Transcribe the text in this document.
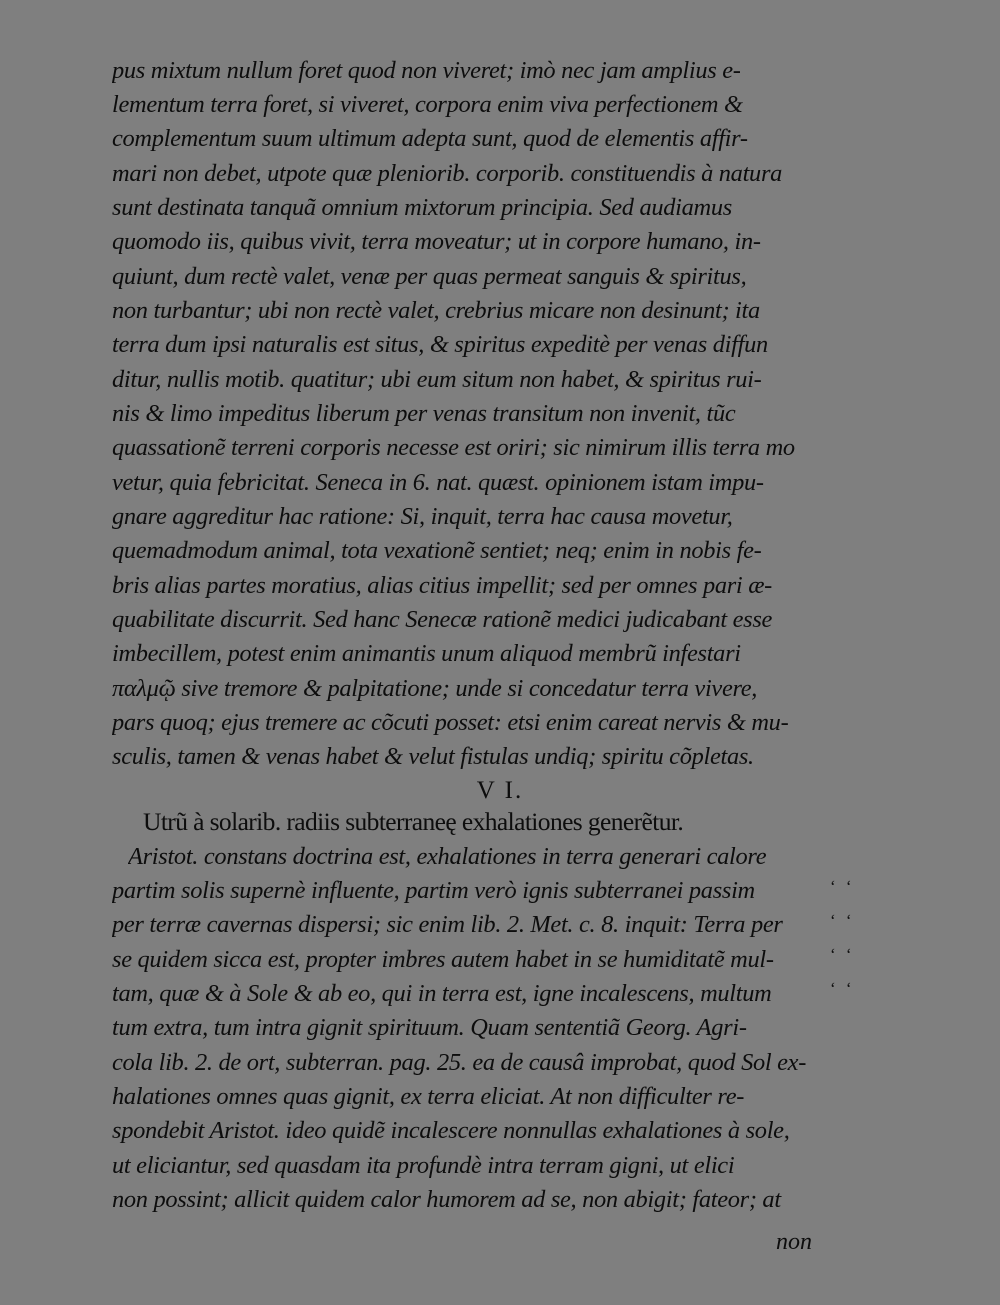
pus mixtum nullum foret quod non viveret; imò nec jam amplius e-
lementum terra foret, si viveret, corpora enim viva perfectionem &
complementum suum ultimum adepta sunt, quod de elementis affir-
mari non debet, utpote quæ pleniorib. corporib. constituendis à natura
sunt destinata tanquã omnium mixtorum principia. Sed audiamus
quomodo iis, quibus vivit, terra moveatur; ut in corpore humano, in-
quiunt, dum rectè valet, venæ per quas permeat sanguis & spiritus,
non turbantur; ubi non rectè valet, crebrius micare non desinunt; ita
terra dum ipsi naturalis est situs, & spiritus expeditè per venas diffun
ditur, nullis motib. quatitur; ubi eum situm non habet, & spiritus rui-
nis & limo impeditus liberum per venas transitum non invenit, tũc
quassationẽ terreni corporis necesse est oriri; sic nimirum illis terra mo
vetur, quia febricitat. Seneca in 6. nat. quæst. opinionem istam impu-
gnare aggreditur hac ratione: Si, inquit, terra hac causa movetur,
quemadmodum animal, tota vexationẽ sentiet; neq; enim in nobis fe-
bris alias partes moratius, alias citius impellit; sed per omnes pari æ-
quabilitate discurrit. Sed hanc Senecæ rationẽ medici judicabant esse
imbecillem, potest enim animantis unum aliquod membrũ infestari
παλμῷ sive tremore & palpitatione; unde si concedatur terra vivere,
pars quoq; ejus tremere ac cõcuti posset: etsi enim careat nervis & mu-
sculis, tamen & venas habet & velut fistulas undiq; spiritu cõpletas.
V I.
Utrũ à solarib. radiis subterraneę exhalationes generẽtur.
Aristot. constans doctrina est, exhalationes in terra generari calore
partim solis supernè influente, partim verò ignis subterranei passim
per terræ cavernas dispersi; sic enim lib. 2. Met. c. 8. inquit: Terra per
se quidem sicca est, propter imbres autem habet in se humiditatẽ mul-
tam, quæ & à Sole & ab eo, qui in terra est, igne incalescens, multum
tum extra, tum intra gignit spirituum. Quam sententiã Georg. Agri-
cola lib. 2. de ort, subterran. pag. 25. ea de causâ improbat, quod Sol ex-
halationes omnes quas gignit, ex terra eliciat. At non difficulter re-
spondebit Aristot. ideo quidẽ incalescere nonnullas exhalationes à sole,
ut eliciantur, sed quasdam ita profundè intra terram gigni, ut elici
non possint; allicit quidem calor humorem ad se, non abigit; fateor; at
‘ ‘
‘ ‘
‘ ‘
‘ ‘
non
